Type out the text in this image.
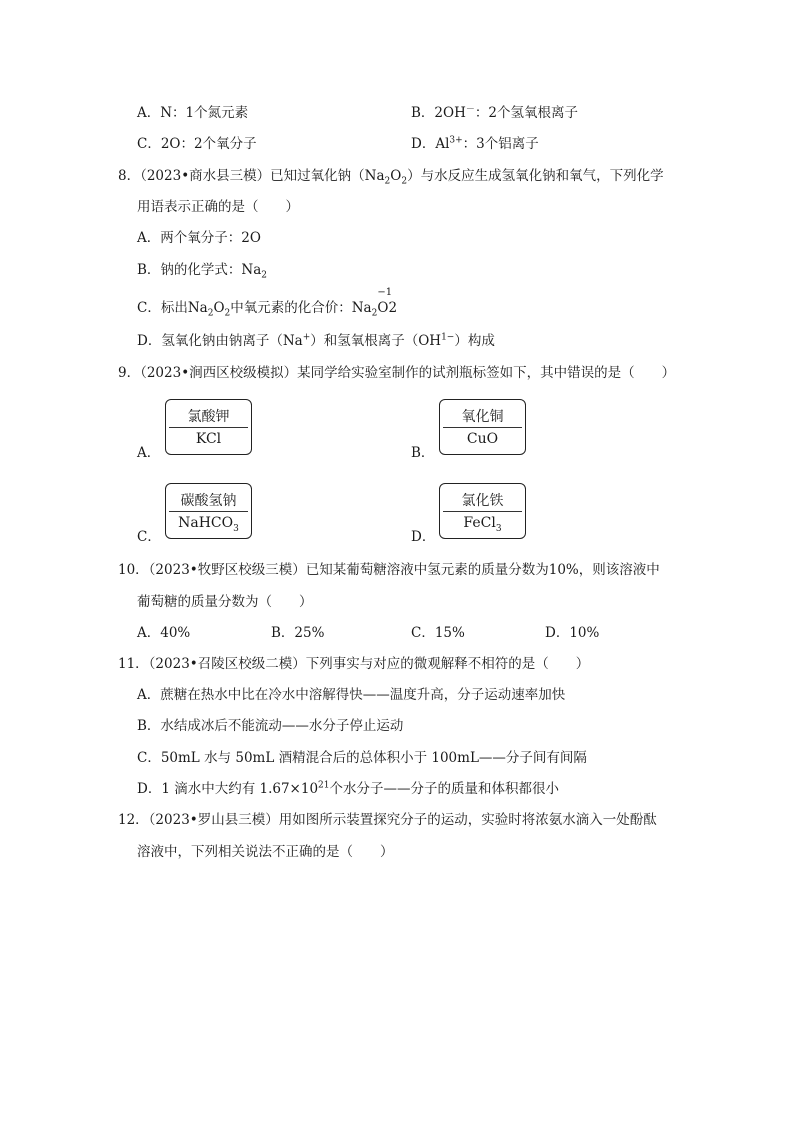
A．N：1个氮元素	B．2OH－：2个氢氧根离子
C．2O：2个氧分子	D．$Al^{3+}$：3个铝离子
8．（2023•商水县三模）已知过氧化钠$(Na_2O_2)$与水反应生成氢氧化钠和氧气，下列化学
用语表示正确的是（　　）
A．两个氧分子：2O
B．钠的化学式：$Na_2$
C．标出$Na_2O_2$中氧元素的化合价：$Na_2$
−1
O2
D．氢氧化钠由钠离子（Na+）和氢氧根离子$(OH^{1-})$构成
9．（2023•涧西区校级模拟）某同学给实验室制作的试剂瓶标签如下，其中错误的是（　　）
A．
氯酸钾
KCl
B．
氧化铜
CuO
C．
碳酸氢钠
NaHCO$_3$
D．
氯化铁
FeCl$_3$
10．（2023•牧野区校级三模）已知某葡萄糖溶液中氢元素的质量分数为10%，则该溶液中
葡萄糖的质量分数为（　　）
A．40%	B．25%	C．15%	D．10%
11．（2023•召陵区校级二模）下列事实与对应的微观解释不相符的是（　　）
A．蔗糖在热水中比在冷水中溶解得快——温度升高，分子运动速率加快
B．水结成冰后不能流动——水分子停止运动
C．50mL 水与 50mL 酒精混合后的总体积小于 100mL——分子间有间隔
D．1 滴水中大约有 $1.67\times 10^{21}$个水分子——分子的质量和体积都很小
12．（2023•罗山县三模）用如图所示装置探究分子的运动，实验时将浓氨水滴入一处酚酞
溶液中，下列相关说法不正确的是（　　）
